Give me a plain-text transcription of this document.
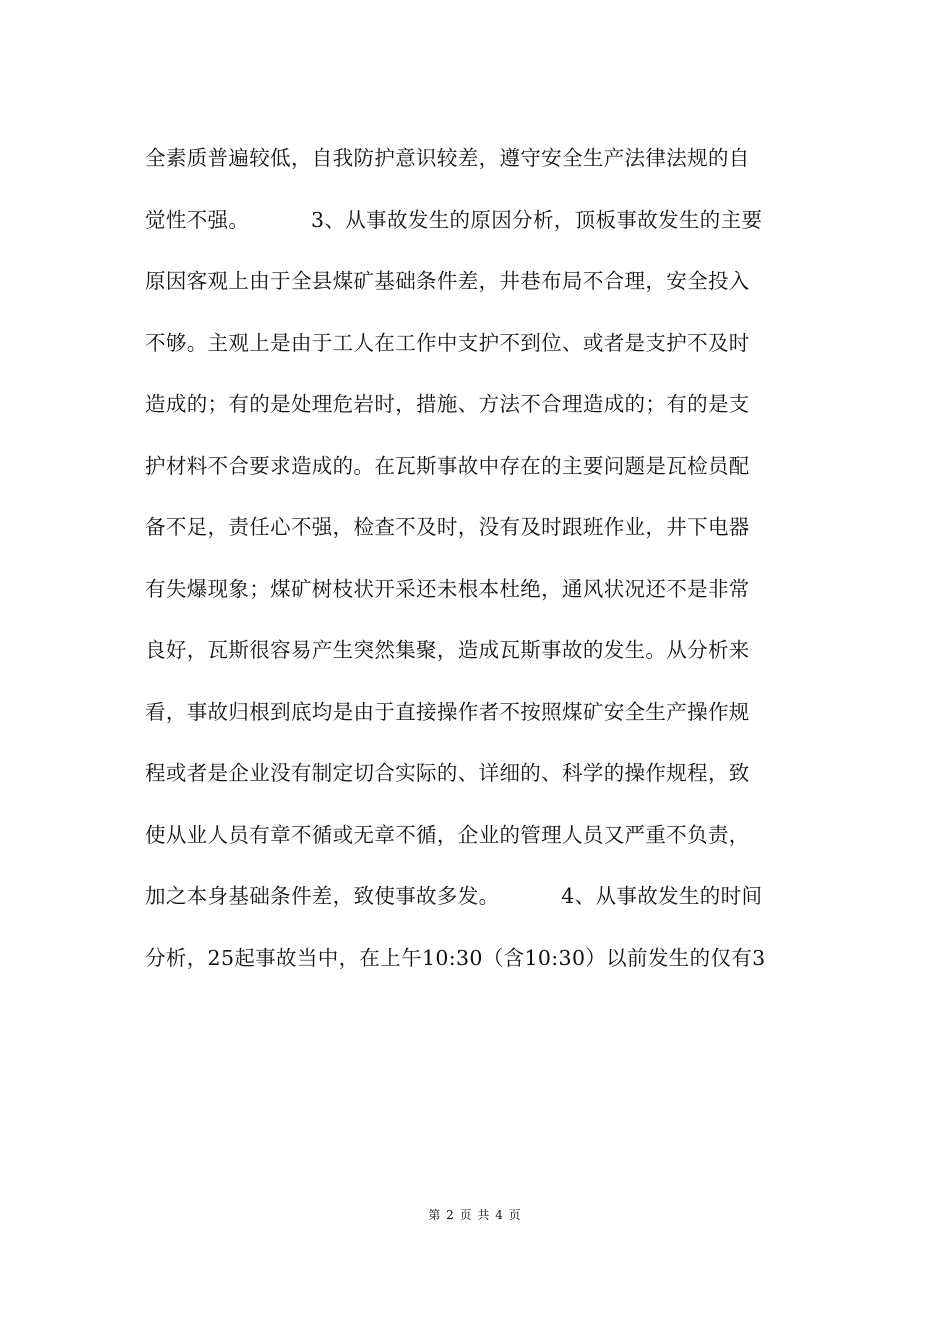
全素质普遍较低，自我防护意识较差，遵守安全生产法律法规的自
觉性不强。         3、从事故发生的原因分析，顶板事故发生的主要
原因客观上由于全县煤矿基础条件差，井巷布局不合理，安全投入
不够。主观上是由于工人在工作中支护不到位、或者是支护不及时
造成的；有的是处理危岩时，措施、方法不合理造成的；有的是支
护材料不合要求造成的。在瓦斯事故中存在的主要问题是瓦检员配
备不足，责任心不强，检查不及时，没有及时跟班作业，井下电器
有失爆现象；煤矿树枝状开采还未根本杜绝，通风状况还不是非常
良好，瓦斯很容易产生突然集聚，造成瓦斯事故的发生。从分析来
看，事故归根到底均是由于直接操作者不按照煤矿安全生产操作规
程或者是企业没有制定切合实际的、详细的、科学的操作规程，致
使从业人员有章不循或无章不循，企业的管理人员又严重不负责，
加之本身基础条件差，致使事故多发。         4、从事故发生的时间
分析，25起事故当中，在上午10:30（含10:30）以前发生的仅有3
第 2 页 共 4 页
